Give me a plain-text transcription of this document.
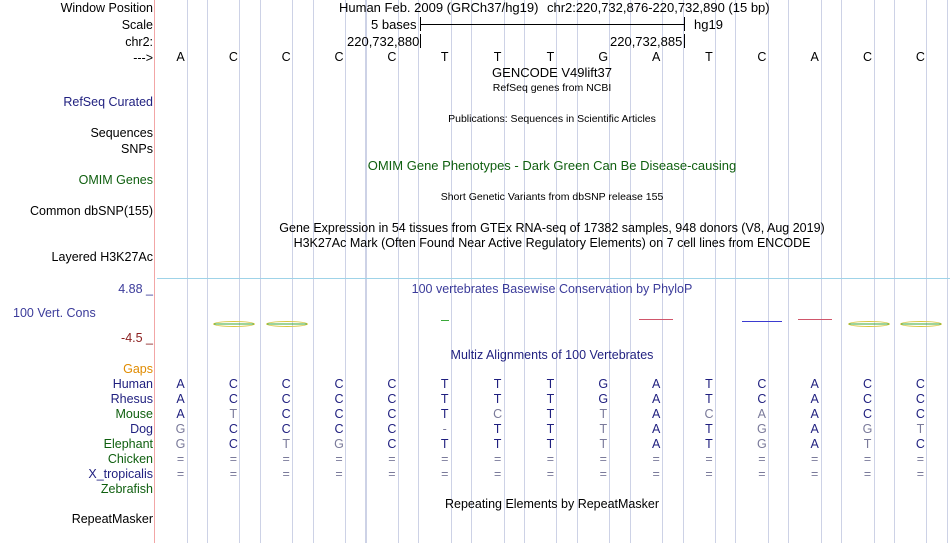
Window Position
Scale
chr2:
--->
Human Feb. 2009 (GRCh37/hg19) chr2:220,732,876-220,732,890 (15 bp)
5 bases	hg19
220,732,880	220,732,885
A	C	C	C	C	T	T	T	G	A	T	C	A	C	C
GENCODE V49lift37
RefSeq genes from NCBI
Publications: Sequences in Scientific Articles
OMIM Gene Phenotypes - Dark Green Can Be Disease-causing
Short Genetic Variants from dbSNP release 155
Gene Expression in 54 tissues from GTEx RNA-seq of 17382 samples, 948 donors (V8, Aug 2019)
H3K27Ac Mark (Often Found Near Active Regulatory Elements) on 7 cell lines from ENCODE
100 vertebrates Basewise Conservation by PhyloP
Multiz Alignments of 100 Vertebrates
Repeating Elements by RepeatMasker
RefSeq Curated
Sequences
SNPs
OMIM Genes
Common dbSNP(155)
Layered H3K27Ac
4.88 _
100 Vert. Cons
-4.5 _
Gaps
RepeatMasker
Human	A	C	C	C	C	T	T	T	G	A	T	C	A	C	C
Rhesus	A	C	C	C	C	T	T	T	G	A	T	C	A	C	C
Mouse	A	T	C	C	C	T	C	T	T	A	C	A	A	C	C
Dog	G	C	C	C	C	-	T	T	T	A	T	G	A	G	T
Elephant	G	C	T	G	C	T	T	T	T	A	T	G	A	T	C
Chicken	=	=	=	=	=	=	=	=	=	=	=	=	=	=	=
X_tropicalis	=	=	=	=	=	=	=	=	=	=	=	=	=	=	=
Zebrafish
